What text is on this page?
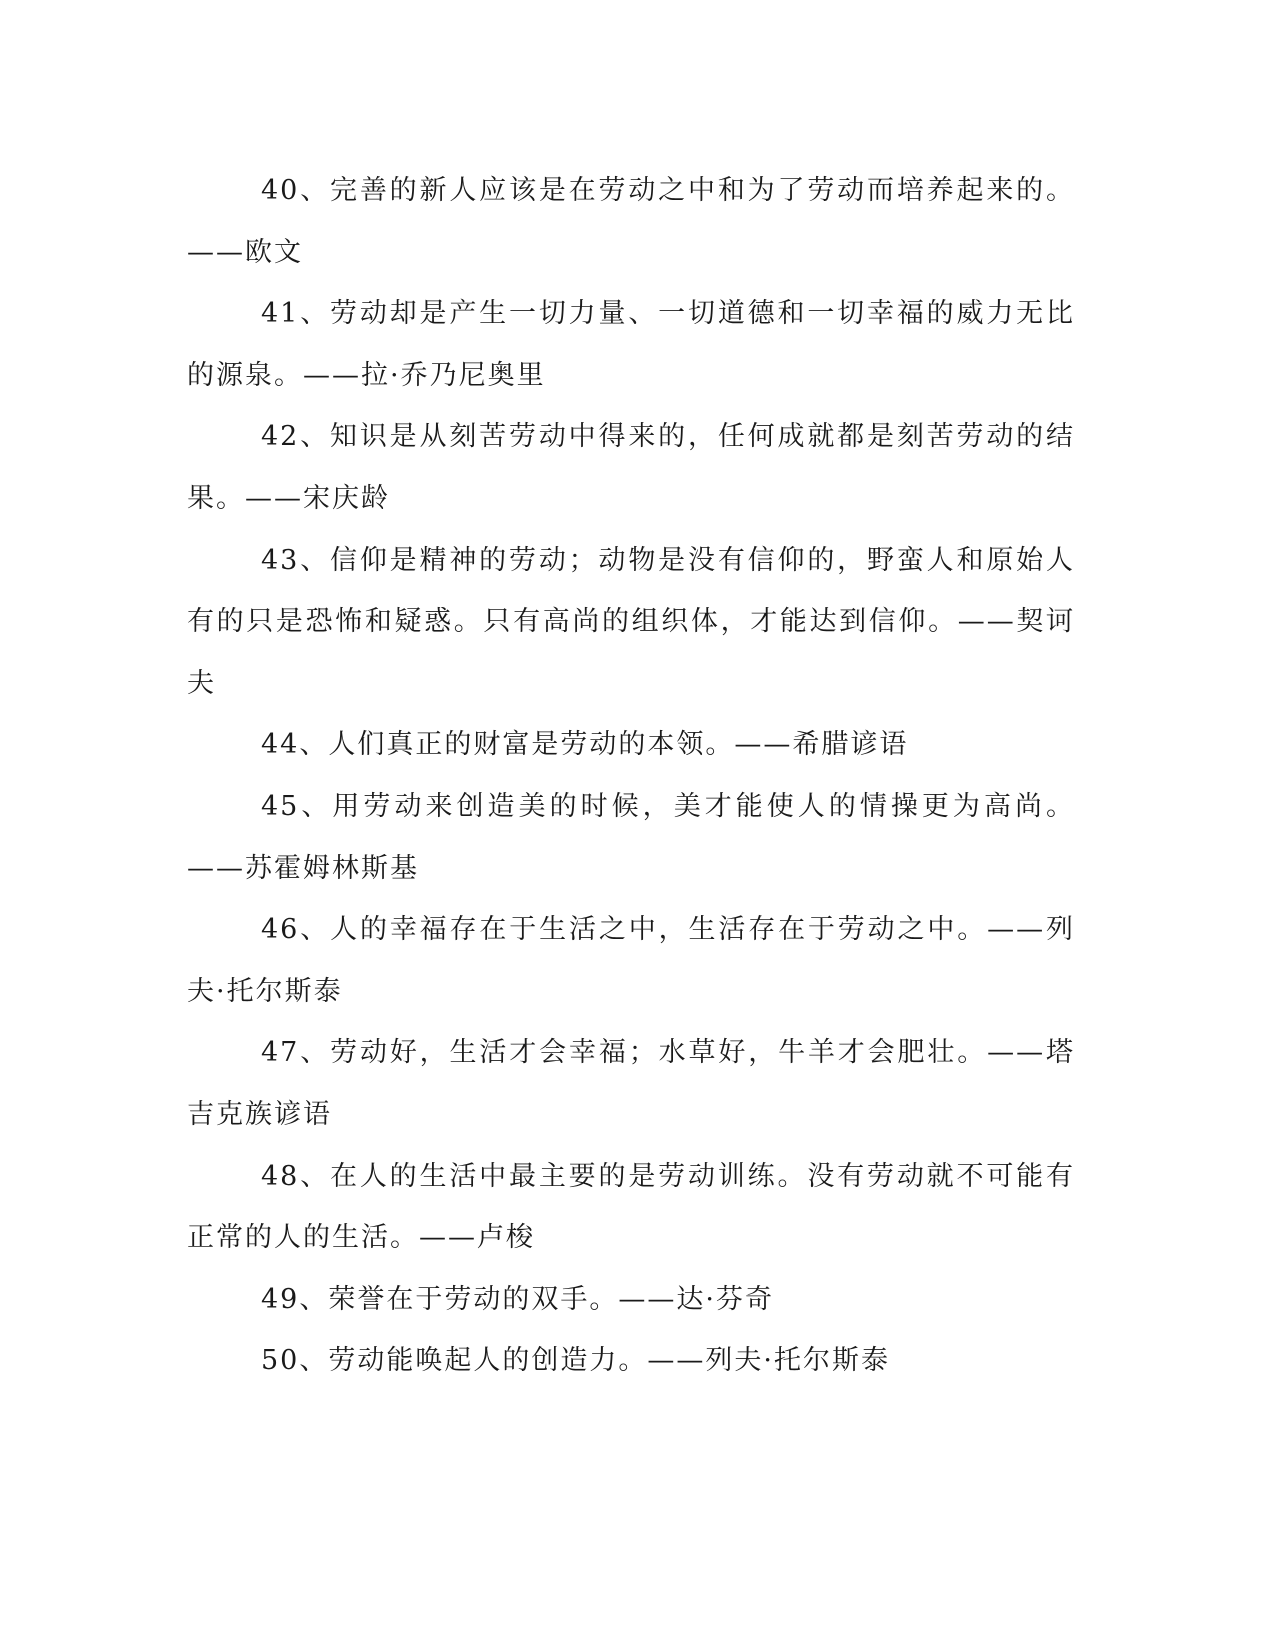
40、完善的新人应该是在劳动之中和为了劳动而培养起来的。——欧文

41、劳动却是产生一切力量、一切道德和一切幸福的威力无比的源泉。——拉·乔乃尼奥里

42、知识是从刻苦劳动中得来的，任何成就都是刻苦劳动的结果。——宋庆龄

43、信仰是精神的劳动；动物是没有信仰的，野蛮人和原始人有的只是恐怖和疑惑。只有高尚的组织体，才能达到信仰。——契诃夫

44、人们真正的财富是劳动的本领。——希腊谚语

45、用劳动来创造美的时候，美才能使人的情操更为高尚。——苏霍姆林斯基

46、人的幸福存在于生活之中，生活存在于劳动之中。——列夫·托尔斯泰

47、劳动好，生活才会幸福；水草好，牛羊才会肥壮。——塔吉克族谚语

48、在人的生活中最主要的是劳动训练。没有劳动就不可能有正常的人的生活。——卢梭

49、荣誉在于劳动的双手。——达·芬奇

50、劳动能唤起人的创造力。——列夫·托尔斯泰
